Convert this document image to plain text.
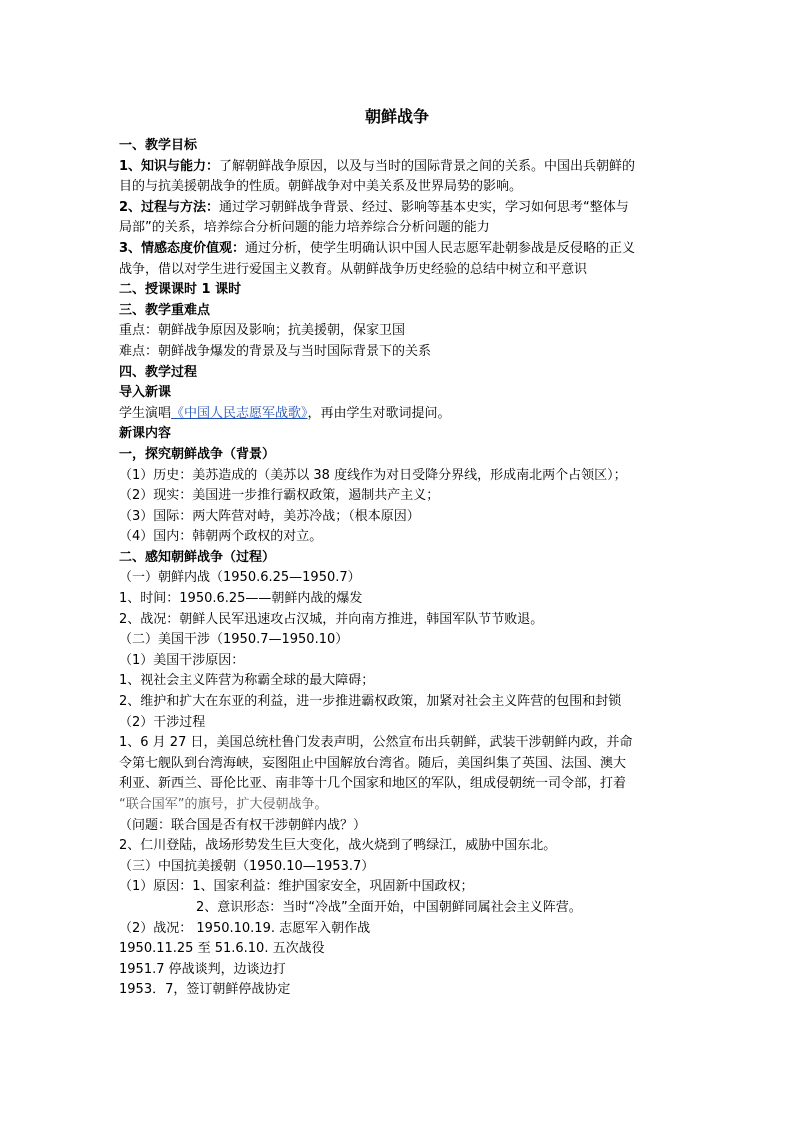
朝鲜战争
一、教学目标
1、知识与能力：了解朝鲜战争原因，以及与当时的国际背景之间的关系。中国出兵朝鲜的
目的与抗美援朝战争的性质。朝鲜战争对中美关系及世界局势的影响。
2、过程与方法：通过学习朝鲜战争背景、经过、影响等基本史实，学习如何思考“整体与
局部”的关系，培养综合分析问题的能力培养综合分析问题的能力
3、情感态度价值观：通过分析，使学生明确认识中国人民志愿军赴朝参战是反侵略的正义
战争，借以对学生进行爱国主义教育。从朝鲜战争历史经验的总结中树立和平意识
二、授课课时 1 课时
三、教学重难点
重点：朝鲜战争原因及影响；抗美援朝，保家卫国
难点：朝鲜战争爆发的背景及与当时国际背景下的关系
四、教学过程
导入新课
学生演唱《中国人民志愿军战歌》，再由学生对歌词提问。
新课内容
一，探究朝鲜战争（背景）
（1）历史：美苏造成的（美苏以 38 度线作为对日受降分界线，形成南北两个占领区）；
（2）现实：美国进一步推行霸权政策，遏制共产主义；
（3）国际：两大阵营对峙，美苏冷战；（根本原因）
（4）国内：韩朝两个政权的对立。
二、感知朝鲜战争（过程）
（一）朝鲜内战（1950.6.25—1950.7）
1、时间：1950.6.25——朝鲜内战的爆发
2、战况：朝鲜人民军迅速攻占汉城，并向南方推进，韩国军队节节败退。
（二）美国干涉（1950.7—1950.10）
（1）美国干涉原因：
1、视社会主义阵营为称霸全球的最大障碍；
2、维护和扩大在东亚的利益，进一步推进霸权政策，加紧对社会主义阵营的包围和封锁
（2）干涉过程
1、6 月 27 日，美国总统杜鲁门发表声明，公然宣布出兵朝鲜，武装干涉朝鲜内政，并命
令第七舰队到台湾海峡，妄图阻止中国解放台湾省。随后，美国纠集了英国、法国、澳大
利亚、新西兰、哥伦比亚、南非等十几个国家和地区的军队，组成侵朝统一司令部，打着
“联合国军”的旗号，扩大侵朝战争。
（问题：联合国是否有权干涉朝鲜内战？）
2、仁川登陆，战场形势发生巨大变化，战火烧到了鸭绿江，威胁中国东北。
（三）中国抗美援朝（1950.10—1953.7）
（1）原因：1、国家利益：维护国家安全，巩固新中国政权；
2、意识形态：当时“冷战”全面开始，中国朝鲜同属社会主义阵营。
（2）战况： 1950.10.19. 志愿军入朝作战
1950.11.25 至 51.6.10. 五次战役
1951.7 停战谈判，边谈边打
1953．7，签订朝鲜停战协定
